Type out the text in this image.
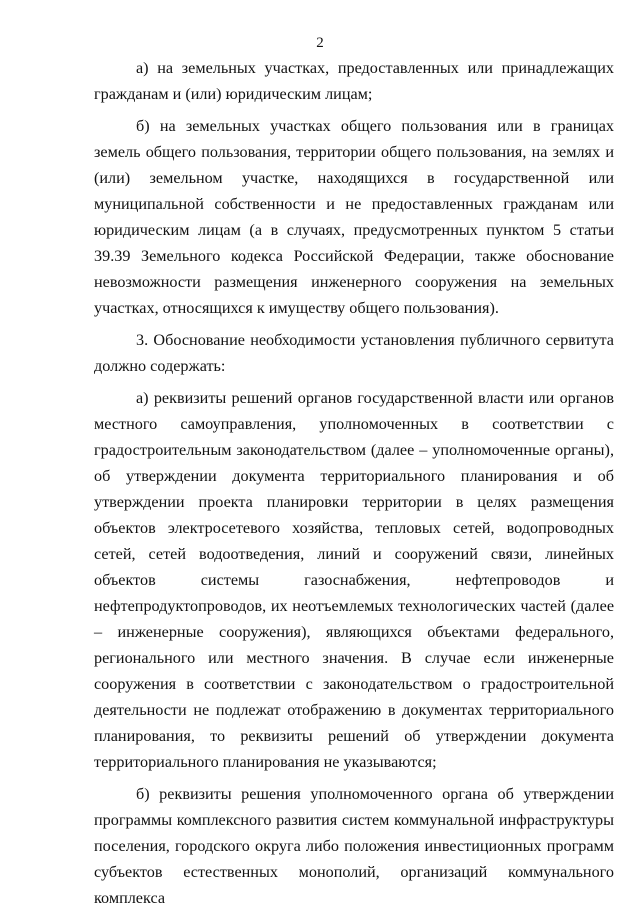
2

а) на земельных участках, предоставленных или принадлежащих гражданам и (или) юридическим лицам;

б) на земельных участках общего пользования или в границах земель общего пользования, территории общего пользования, на землях и (или) земельном участке, находящихся в государственной или муниципальной собственности и не предоставленных гражданам или юридическим лицам (а в случаях, предусмотренных пунктом 5 статьи 39.39 Земельного кодекса Российской Федерации, также обоснование невозможности размещения инженерного сооружения на земельных участках, относящихся к имуществу общего пользования).

3. Обоснование необходимости установления публичного сервитута должно содержать:

а) реквизиты решений органов государственной власти или органов местного самоуправления, уполномоченных в соответствии с градостроительным законодательством (далее – уполномоченные органы), об утверждении документа территориального планирования и об утверждении проекта планировки территории в целях размещения объектов электросетевого хозяйства, тепловых сетей, водопроводных сетей, сетей водоотведения, линий и сооружений связи, линейных объектов системы газоснабжения, нефтепроводов и нефтепродуктопроводов, их неотъемлемых технологических частей (далее – инженерные сооружения), являющихся объектами федерального, регионального или местного значения. В случае если инженерные сооружения в соответствии с законодательством о градостроительной деятельности не подлежат отображению в документах территориального планирования, то реквизиты решений об утверждении документа территориального планирования не указываются;

б) реквизиты решения уполномоченного органа об утверждении программы комплексного развития систем коммунальной инфраструктуры поселения, городского округа либо положения инвестиционных программ субъектов естественных монополий, организаций коммунального комплекса
